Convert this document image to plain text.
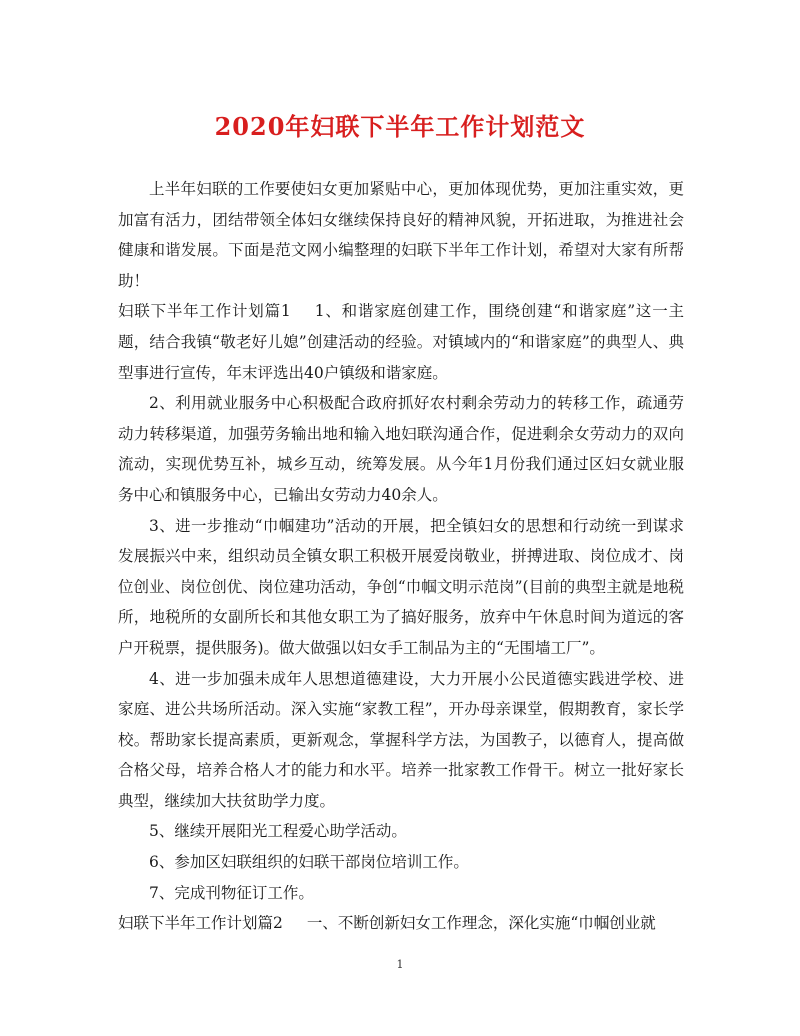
2020年妇联下半年工作计划范文

上半年妇联的工作要使妇女更加紧贴中心，更加体现优势，更加注重实效，更加富有活力，团结带领全体妇女继续保持良好的精神风貌，开拓进取，为推进社会健康和谐发展。下面是范文网小编整理的妇联下半年工作计划，希望对大家有所帮助！

妇联下半年工作计划篇1 1、和谐家庭创建工作，围绕创建“和谐家庭”这一主题，结合我镇“敬老好儿媳”创建活动的经验。对镇域内的“和谐家庭”的典型人、典型事进行宣传，年末评选出40户镇级和谐家庭。

2、利用就业服务中心积极配合政府抓好农村剩余劳动力的转移工作，疏通劳动力转移渠道，加强劳务输出地和输入地妇联沟通合作，促进剩余女劳动力的双向流动，实现优势互补，城乡互动，统筹发展。从今年1月份我们通过区妇女就业服务中心和镇服务中心，已输出女劳动力40余人。

3、进一步推动“巾帼建功”活动的开展，把全镇妇女的思想和行动统一到谋求发展振兴中来，组织动员全镇女职工积极开展爱岗敬业，拼搏进取、岗位成才、岗位创业、岗位创优、岗位建功活动，争创“巾帼文明示范岗”(目前的典型主就是地税所，地税所的女副所长和其他女职工为了搞好服务，放弃中午休息时间为道远的客户开税票，提供服务)。做大做强以妇女手工制品为主的“无围墙工厂”。

4、进一步加强未成年人思想道德建设，大力开展小公民道德实践进学校、进家庭、进公共场所活动。深入实施“家教工程”，开办母亲课堂，假期教育，家长学校。帮助家长提高素质，更新观念，掌握科学方法，为国教子，以德育人，提高做合格父母，培养合格人才的能力和水平。培养一批家教工作骨干。树立一批好家长典型，继续加大扶贫助学力度。

5、继续开展阳光工程爱心助学活动。

6、参加区妇联组织的妇联干部岗位培训工作。

7、完成刊物征订工作。

妇联下半年工作计划篇2 一、不断创新妇女工作理念，深化实施“巾帼创业就

1
